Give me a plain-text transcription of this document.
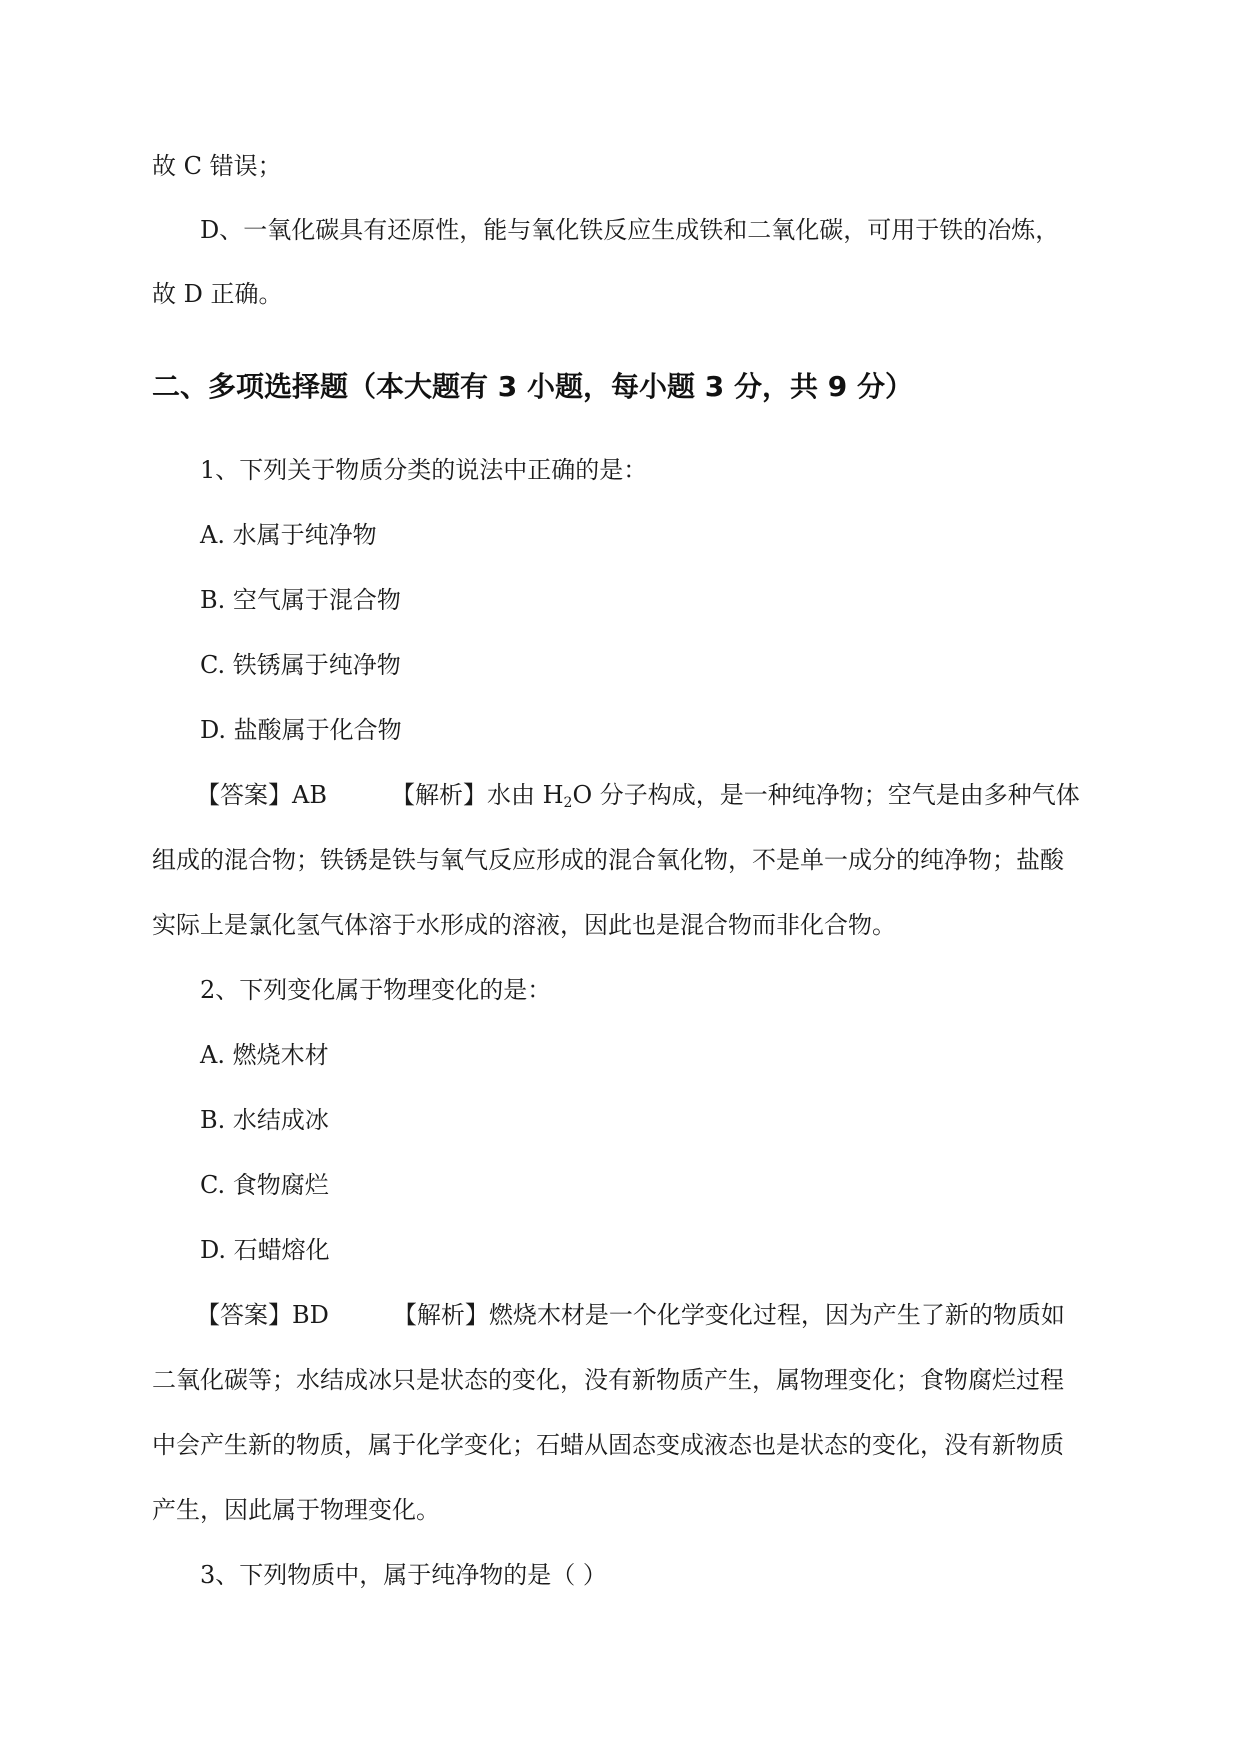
故 C 错误；
D、一氧化碳具有还原性，能与氧化铁反应生成铁和二氧化碳，可用于铁的冶炼，
故 D 正确。
二、多项选择题（本大题有 3 小题，每小题 3 分，共 9 分）
1、下列关于物质分类的说法中正确的是：
A. 水属于纯净物
B. 空气属于混合物
C. 铁锈属于纯净物
D. 盐酸属于化合物
【答案】AB	【解析】水由 $H_2O$ 分子构成，是一种纯净物；空气是由多种气体
组成的混合物；铁锈是铁与氧气反应形成的混合氧化物，不是单一成分的纯净物；盐酸
实际上是氯化氢气体溶于水形成的溶液，因此也是混合物而非化合物。
2、下列变化属于物理变化的是：
A. 燃烧木材
B. 水结成冰
C. 食物腐烂
D. 石蜡熔化
【答案】BD	【解析】燃烧木材是一个化学变化过程，因为产生了新的物质如
二氧化碳等；水结成冰只是状态的变化，没有新物质产生，属物理变化；食物腐烂过程
中会产生新的物质，属于化学变化；石蜡从固态变成液态也是状态的变化，没有新物质
产生，因此属于物理变化。
3、下列物质中，属于纯净物的是（ ）
